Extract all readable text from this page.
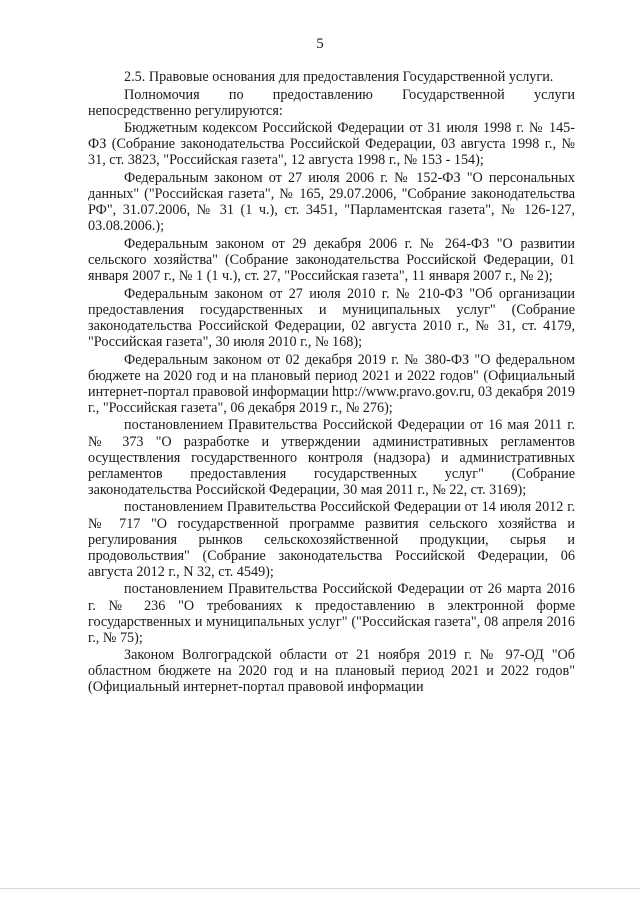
5

2.5. Правовые основания для предоставления Государственной услуги.

Полномочия по предоставлению Государственной услуги непосредственно регулируются:

Бюджетным кодексом Российской Федерации от 31 июля 1998 г. № 145-ФЗ (Собрание законодательства Российской Федерации, 03 августа 1998 г., № 31, ст. 3823, "Российская газета", 12 августа 1998 г., № 153 - 154);

Федеральным законом от 27 июля 2006 г. № 152-ФЗ "О персональных данных" ("Российская газета", № 165, 29.07.2006, "Собрание законодательства РФ", 31.07.2006, № 31 (1 ч.), ст. 3451, "Парламентская газета", № 126-127, 03.08.2006.);

Федеральным законом от 29 декабря 2006 г. № 264-ФЗ "О развитии сельского хозяйства" (Собрание законодательства Российской Федерации, 01 января 2007 г., № 1 (1 ч.), ст. 27, "Российская газета", 11 января 2007 г., № 2);

Федеральным законом от 27 июля 2010 г. № 210-ФЗ "Об организации предоставления государственных и муниципальных услуг" (Собрание законодательства Российской Федерации, 02 августа 2010 г., № 31, ст. 4179, "Российская газета", 30 июля 2010 г., № 168);

Федеральным законом от 02 декабря 2019 г. № 380-ФЗ "О федеральном бюджете на 2020 год и на плановый период 2021 и 2022 годов" (Официальный интернет-портал правовой информации http://www.pravo.gov.ru, 03 декабря 2019 г., "Российская газета", 06 декабря 2019 г., № 276);

постановлением Правительства Российской Федерации от 16 мая 2011 г. № 373 "О разработке и утверждении административных регламентов осуществления государственного контроля (надзора) и административных регламентов предоставления государственных услуг" (Собрание законодательства Российской Федерации, 30 мая 2011 г., № 22, ст. 3169);

постановлением Правительства Российской Федерации от 14 июля 2012 г. № 717 "О государственной программе развития сельского хозяйства и регулирования рынков сельскохозяйственной продукции, сырья и продовольствия" (Собрание законодательства Российской Федерации, 06 августа 2012 г., N 32, ст. 4549);

постановлением Правительства Российской Федерации от 26 марта 2016 г. № 236 "О требованиях к предоставлению в электронной форме государственных и муниципальных услуг" ("Российская газета", 08 апреля 2016 г., № 75);

Законом Волгоградской области от 21 ноября 2019 г. № 97-ОД "Об областном бюджете на 2020 год и на плановый период 2021 и 2022 годов" (Официальный интернет-портал правовой информации
